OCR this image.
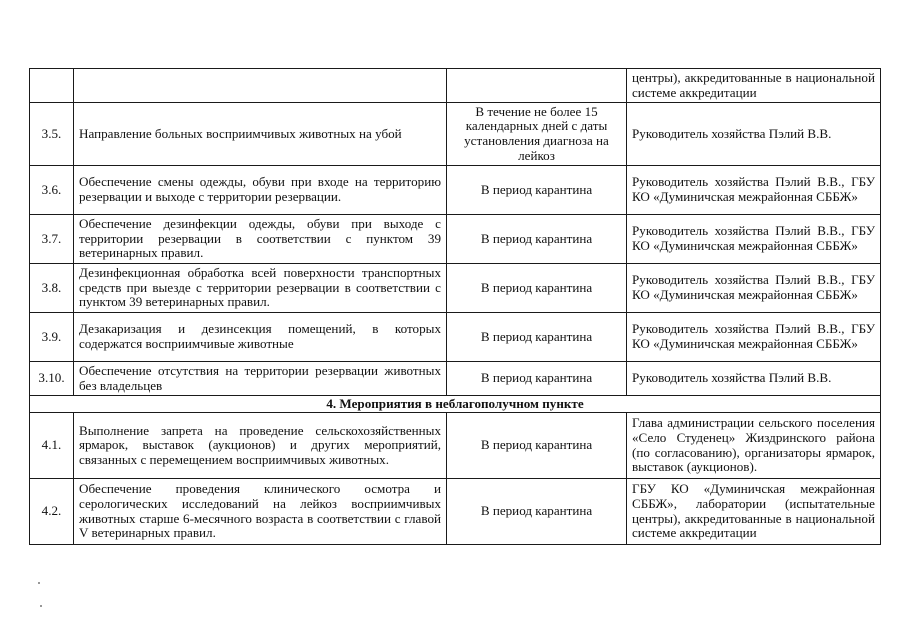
			центры), аккредитованные в национальной системе аккредитации
3.5.	Направление больных восприимчивых животных на убой	В течение не более 15 календарных дней с даты установления диагноза на лейкоз	Руководитель хозяйства Пэлий В.В.
3.6.	Обеспечение смены одежды, обуви при входе на территорию резервации и выходе с территории резервации.	В период карантина	Руководитель хозяйства Пэлий В.В., ГБУ КО «Думиничская межрайонная СББЖ»
3.7.	Обеспечение дезинфекции одежды, обуви при выходе с территории резервации в соответствии с пунктом 39 ветеринарных правил.	В период карантина	Руководитель хозяйства Пэлий В.В., ГБУ КО «Думиничская межрайонная СББЖ»
3.8.	Дезинфекционная обработка всей поверхности транспортных средств при выезде с территории резервации в соответствии с пунктом 39 ветеринарных правил.	В период карантина	Руководитель хозяйства Пэлий В.В., ГБУ КО «Думиничская межрайонная СББЖ»
3.9.	Дезакаризация и дезинсекция помещений, в которых содержатся восприимчивые животные	В период карантина	Руководитель хозяйства Пэлий В.В., ГБУ КО «Думиничская межрайонная СББЖ»
3.10.	Обеспечение отсутствия на территории резервации животных без владельцев	В период карантина	Руководитель хозяйства Пэлий В.В.
4. Мероприятия в неблагополучном пункте			
4.1.	Выполнение запрета на проведение сельскохозяйственных ярмарок, выставок (аукционов) и других мероприятий, связанных с перемещением восприимчивых животных.	В период карантина	Глава администрации сельского поселения «Село Студенец» Жиздринского района (по согласованию), организаторы ярмарок, выставок (аукционов).
4.2.	Обеспечение проведения клинического осмотра и серологических исследований на лейкоз восприимчивых животных старше 6-месячного возраста в соответствии с главой V ветеринарных правил.	В период карантина	ГБУ КО «Думиничская межрайонная СББЖ», лаборатории (испытательные центры), аккредитованные в национальной системе аккредитации
